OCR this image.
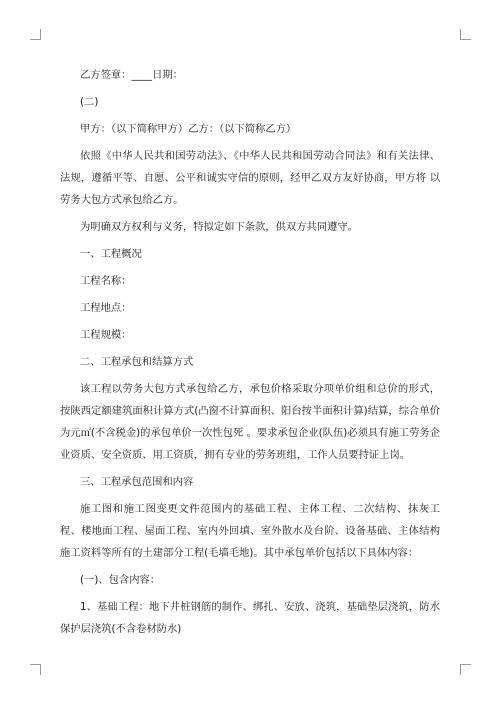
乙方签章：____日期：

(二)

甲方：（以下简称甲方）乙方：（以下简称乙方）

依照《中华人民共和国劳动法》、《中华人民共和国劳动合同法》和有关法律、法规，遵循平等、自愿、公平和诚实守信的原则，经甲乙双方友好协商，甲方将 以劳务大包方式承包给乙方。

为明确双方权利与义务，特拟定如下条款，供双方共同遵守。

一、工程概况

工程名称：

工程地点：

工程规模：

二、工程承包和结算方式

该工程以劳务大包方式承包给乙方，承包价格采取分项单价组和总价的形式，按陕西定额建筑面积计算方式(凸窗不计算面积、阳台按半面积计算)结算，综合单价为元㎡(不含税金)的承包单价一次性包死 。要求承包企业(队伍)必须具有施工劳务企业资质、安全资质、用工资质，拥有专业的劳务班组，工作人员要持证上岗。

三、工程承包范围和内容

施工图和施工图变更文件范围内的基础工程、主体工程、二次结构、抹灰工程、楼地面工程、屋面工程、室内外回填、室外散水及台阶、设备基础、主体结构施工资料等所有的土建部分工程(毛墙毛地)。其中承包单价包括以下具体内容：

(一)、包含内容：

1、基础工程：地下井桩钢筋的制作、绑扎、安放、浇筑，基础垫层浇筑，防水保护层浇筑(不含卷材防水)
